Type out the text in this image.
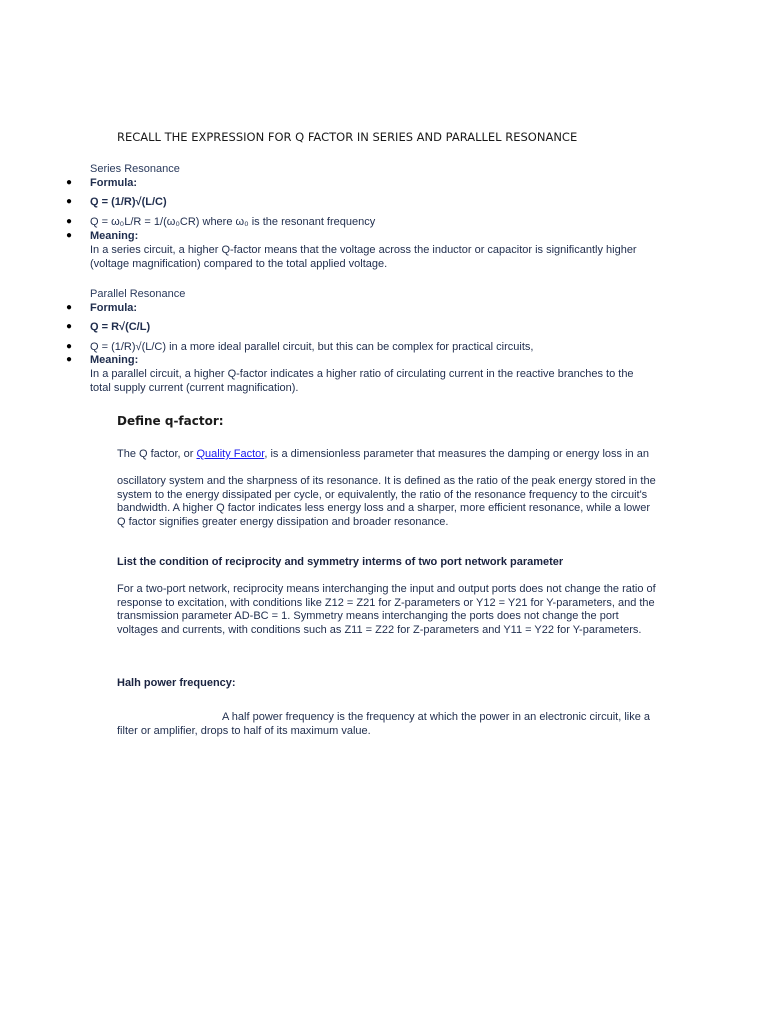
RECALL THE EXPRESSION FOR Q FACTOR IN SERIES AND PARALLEL RESONANCE
Series Resonance
● Formula:
● Q = (1/R)√(L/C)
● Q = ω₀L/R = 1/(ω₀CR) where ω₀ is the resonant frequency
● Meaning:
In a series circuit, a higher Q-factor means that the voltage across the inductor or capacitor is significantly higher
(voltage magnification) compared to the total applied voltage.
Parallel Resonance
● Formula:
● Q = R√(C/L)
● Q = (1/R)√(L/C) in a more ideal parallel circuit, but this can be complex for practical circuits,
● Meaning:
In a parallel circuit, a higher Q-factor indicates a higher ratio of circulating current in the reactive branches to the
total supply current (current magnification).
Define q-factor:
The Q factor, or Quality Factor, is a dimensionless parameter that measures the damping or energy loss in an
oscillatory system and the sharpness of its resonance. It is defined as the ratio of the peak energy stored in the
system to the energy dissipated per cycle, or equivalently, the ratio of the resonance frequency to the circuit's
bandwidth. A higher Q factor indicates less energy loss and a sharper, more efficient resonance, while a lower
Q factor signifies greater energy dissipation and broader resonance.
List the condition of reciprocity and symmetry interms of two port network parameter
For a two-port network, reciprocity means interchanging the input and output ports does not change the ratio of
response to excitation, with conditions like Z12 = Z21 for Z-parameters or Y12 = Y21 for Y-parameters, and the
transmission parameter AD-BC = 1. Symmetry means interchanging the ports does not change the port
voltages and currents, with conditions such as Z11 = Z22 for Z-parameters and Y11 = Y22 for Y-parameters.
Halh power frequency:
A half power frequency is the frequency at which the power in an electronic circuit, like a
filter or amplifier, drops to half of its maximum value.
